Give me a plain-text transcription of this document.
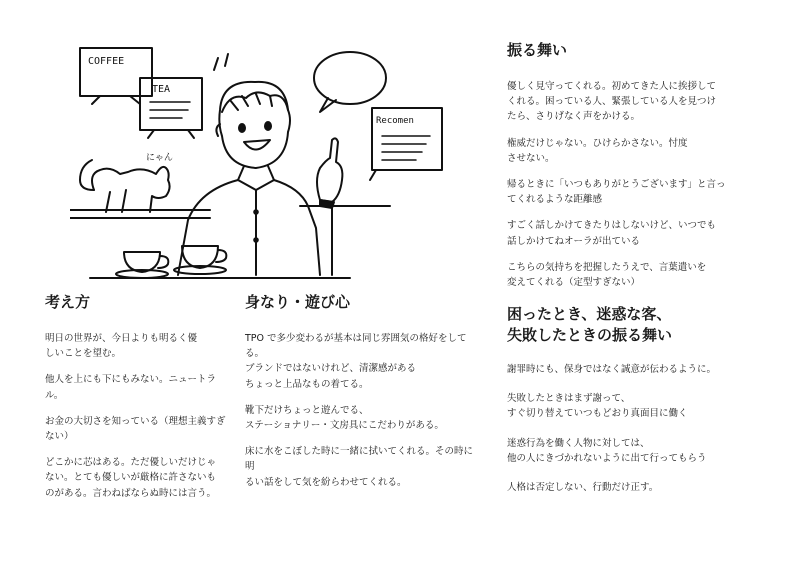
COFFEE
TEA
Recomen
にゃん
振る舞い
優しく見守ってくれる。初めてきた人に挨拶して
くれる。困っている人、緊張している人を見つけ
たら、さりげなく声をかける。
権威だけじゃない。ひけらかさない。忖度
させない。
帰るときに「いつもありがとうございます」と言っ
てくれるような距離感
すごく話しかけてきたりはしないけど、いつでも
話しかけてねオーラが出ている
こちらの気持ちを把握したうえで、言葉遣いを
変えてくれる（定型すぎない）
考え方
明日の世界が、今日よりも明るく優
しいことを望む。
他人を上にも下にもみない。ニュートラ
ル。
お金の大切さを知っている（理想主義すぎ
ない）
どこかに芯はある。ただ優しいだけじゃ
ない。とても優しいが厳格に許さないも
のがある。言わねばならぬ時には言う。
身なり・遊び心
TPO で多少変わるが基本は同じ雰囲気の格好をしてる。
ブランドではないけれど、清潔感がある
ちょっと上品なもの着てる。
靴下だけちょっと遊んでる、
ステーショナリー・文房具にこだわりがある。
床に水をこぼした時に一緒に拭いてくれる。その時に明
るい話をして気を紛らわせてくれる。
困ったとき、迷惑な客、
失敗したときの振る舞い
謝罪時にも、保身ではなく誠意が伝わるように。
失敗したときはまず謝って、
すぐ切り替えていつもどおり真面目に働く
迷惑行為を働く人物に対しては、
他の人にきづかれないように出て行ってもらう
人格は否定しない、行動だけ正す。
